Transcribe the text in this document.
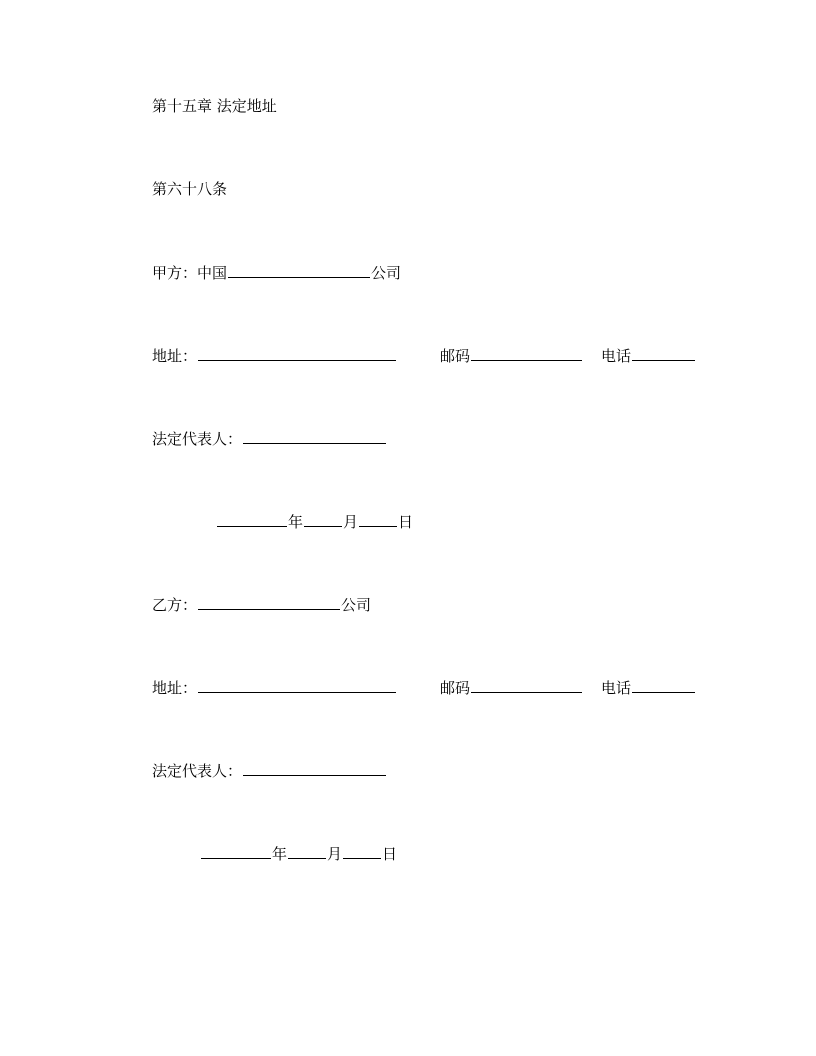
第十五章 法定地址
第六十八条
甲方：中国	公司
地址：	邮码	电话
法定代表人：
年	月	日
乙方：	公司
地址：	邮码	电话
法定代表人：
年	月	日
